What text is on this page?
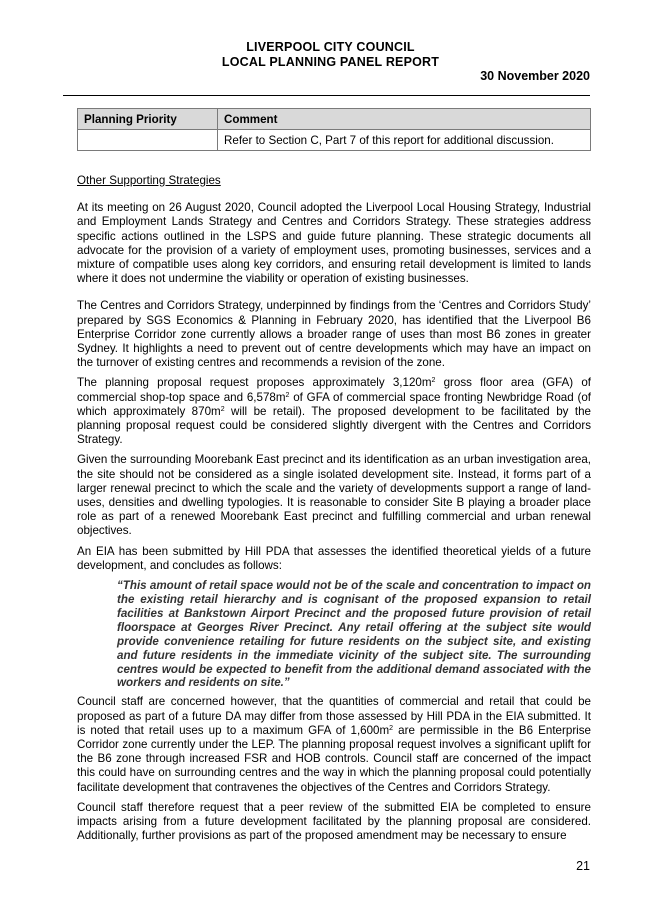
LIVERPOOL CITY COUNCIL
LOCAL PLANNING PANEL REPORT
30 November 2020
Planning Priority	Comment
	Refer to Section C, Part 7 of this report for additional discussion.

Other Supporting Strategies

At its meeting on 26 August 2020, Council adopted the Liverpool Local Housing Strategy, Industrial and Employment Lands Strategy and Centres and Corridors Strategy. These strategies address specific actions outlined in the LSPS and guide future planning. These strategic documents all advocate for the provision of a variety of employment uses, promoting businesses, services and a mixture of compatible uses along key corridors, and ensuring retail development is limited to lands where it does not undermine the viability or operation of existing businesses.

The Centres and Corridors Strategy, underpinned by findings from the ‘Centres and Corridors Study’ prepared by SGS Economics & Planning in February 2020, has identified that the Liverpool B6 Enterprise Corridor zone currently allows a broader range of uses than most B6 zones in greater Sydney. It highlights a need to prevent out of centre developments which may have an impact on the turnover of existing centres and recommends a revision of the zone.

The planning proposal request proposes approximately $3,120m^2$ gross floor area (GFA) of commercial shop-top space and $6,578m^2$ of GFA of commercial space fronting Newbridge Road (of which approximately $870m^2$ will be retail). The proposed development to be facilitated by the planning proposal request could be considered slightly divergent with the Centres and Corridors Strategy.

Given the surrounding Moorebank East precinct and its identification as an urban investigation area, the site should not be considered as a single isolated development site. Instead, it forms part of a larger renewal precinct to which the scale and the variety of developments support a range of land-uses, densities and dwelling typologies. It is reasonable to consider Site B playing a broader place role as part of a renewed Moorebank East precinct and fulfilling commercial and urban renewal objectives.

An EIA has been submitted by Hill PDA that assesses the identified theoretical yields of a future development, and concludes as follows:

“This amount of retail space would not be of the scale and concentration to impact on the existing retail hierarchy and is cognisant of the proposed expansion to retail facilities at Bankstown Airport Precinct and the proposed future provision of retail floorspace at Georges River Precinct. Any retail offering at the subject site would provide convenience retailing for future residents on the subject site, and existing and future residents in the immediate vicinity of the subject site. The surrounding centres would be expected to benefit from the additional demand associated with the workers and residents on site.”

Council staff are concerned however, that the quantities of commercial and retail that could be proposed as part of a future DA may differ from those assessed by Hill PDA in the EIA submitted. It is noted that retail uses up to a maximum GFA of $1,600m^2$ are permissible in the B6 Enterprise Corridor zone currently under the LEP. The planning proposal request involves a significant uplift for the B6 zone through increased FSR and HOB controls. Council staff are concerned of the impact this could have on surrounding centres and the way in which the planning proposal could potentially facilitate development that contravenes the objectives of the Centres and Corridors Strategy.

Council staff therefore request that a peer review of the submitted EIA be completed to ensure impacts arising from a future development facilitated by the planning proposal are considered. Additionally, further provisions as part of the proposed amendment may be necessary to ensure

21
